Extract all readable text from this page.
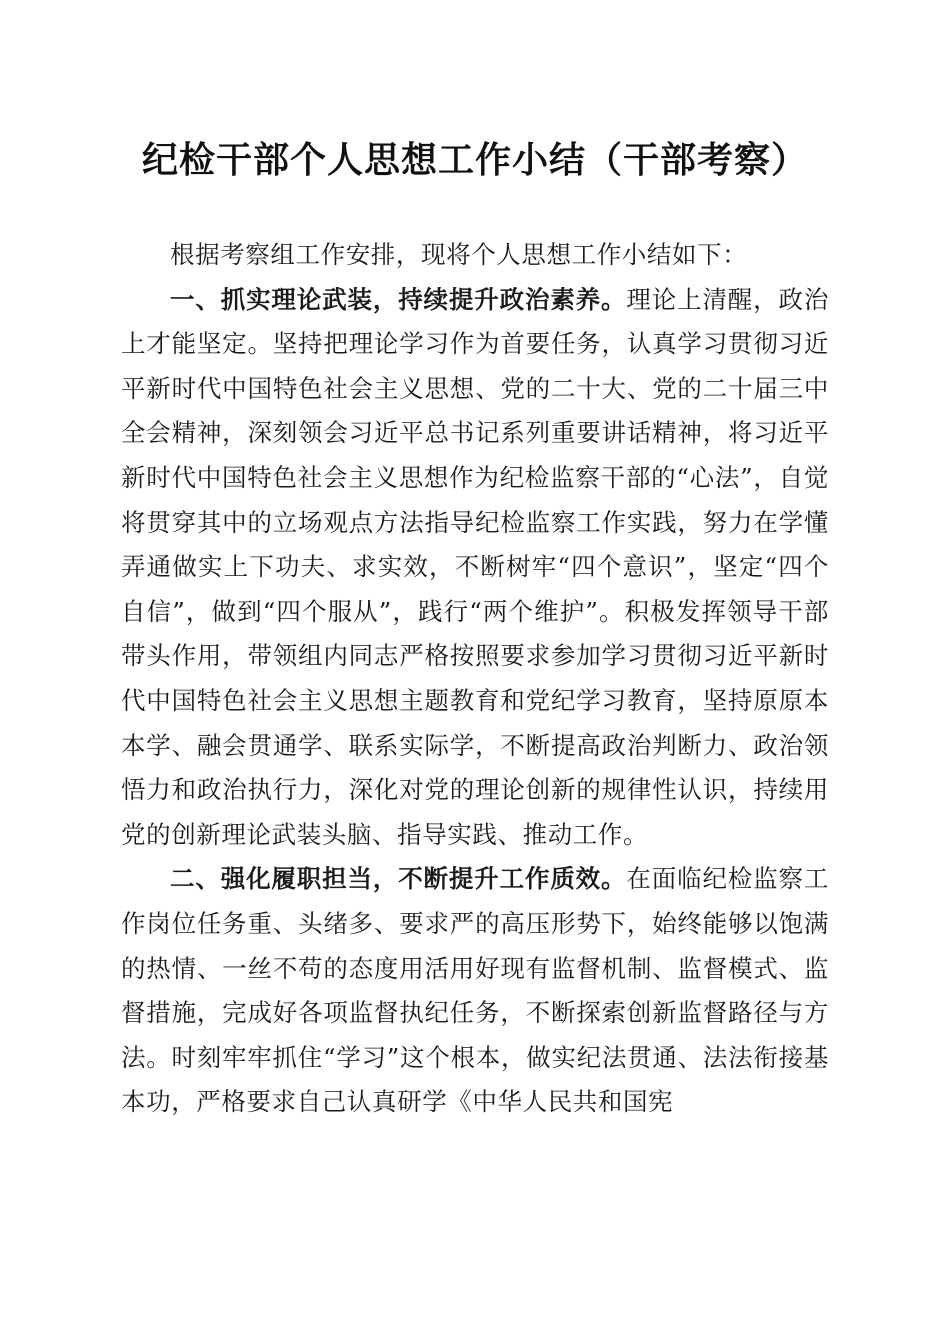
纪检干部个人思想工作小结（干部考察）

根据考察组工作安排，现将个人思想工作小结如下：

一、抓实理论武装，持续提升政治素养。理论上清醒，政治上才能坚定。坚持把理论学习作为首要任务，认真学习贯彻习近平新时代中国特色社会主义思想、党的二十大、党的二十届三中全会精神，深刻领会习近平总书记系列重要讲话精神，将习近平新时代中国特色社会主义思想作为纪检监察干部的“心法”，自觉将贯穿其中的立场观点方法指导纪检监察工作实践，努力在学懂弄通做实上下功夫、求实效，不断树牢“四个意识”，坚定“四个自信”，做到“四个服从”，践行“两个维护”。积极发挥领导干部带头作用，带领组内同志严格按照要求参加学习贯彻习近平新时代中国特色社会主义思想主题教育和党纪学习教育，坚持原原本本学、融会贯通学、联系实际学，不断提高政治判断力、政治领悟力和政治执行力，深化对党的理论创新的规律性认识，持续用党的创新理论武装头脑、指导实践、推动工作。

二、强化履职担当，不断提升工作质效。在面临纪检监察工作岗位任务重、头绪多、要求严的高压形势下，始终能够以饱满的热情、一丝不苟的态度用活用好现有监督机制、监督模式、监督措施，完成好各项监督执纪任务，不断探索创新监督路径与方法。时刻牢牢抓住“学习”这个根本，做实纪法贯通、法法衔接基本功，严格要求自己认真研学《中华人民共和国宪
